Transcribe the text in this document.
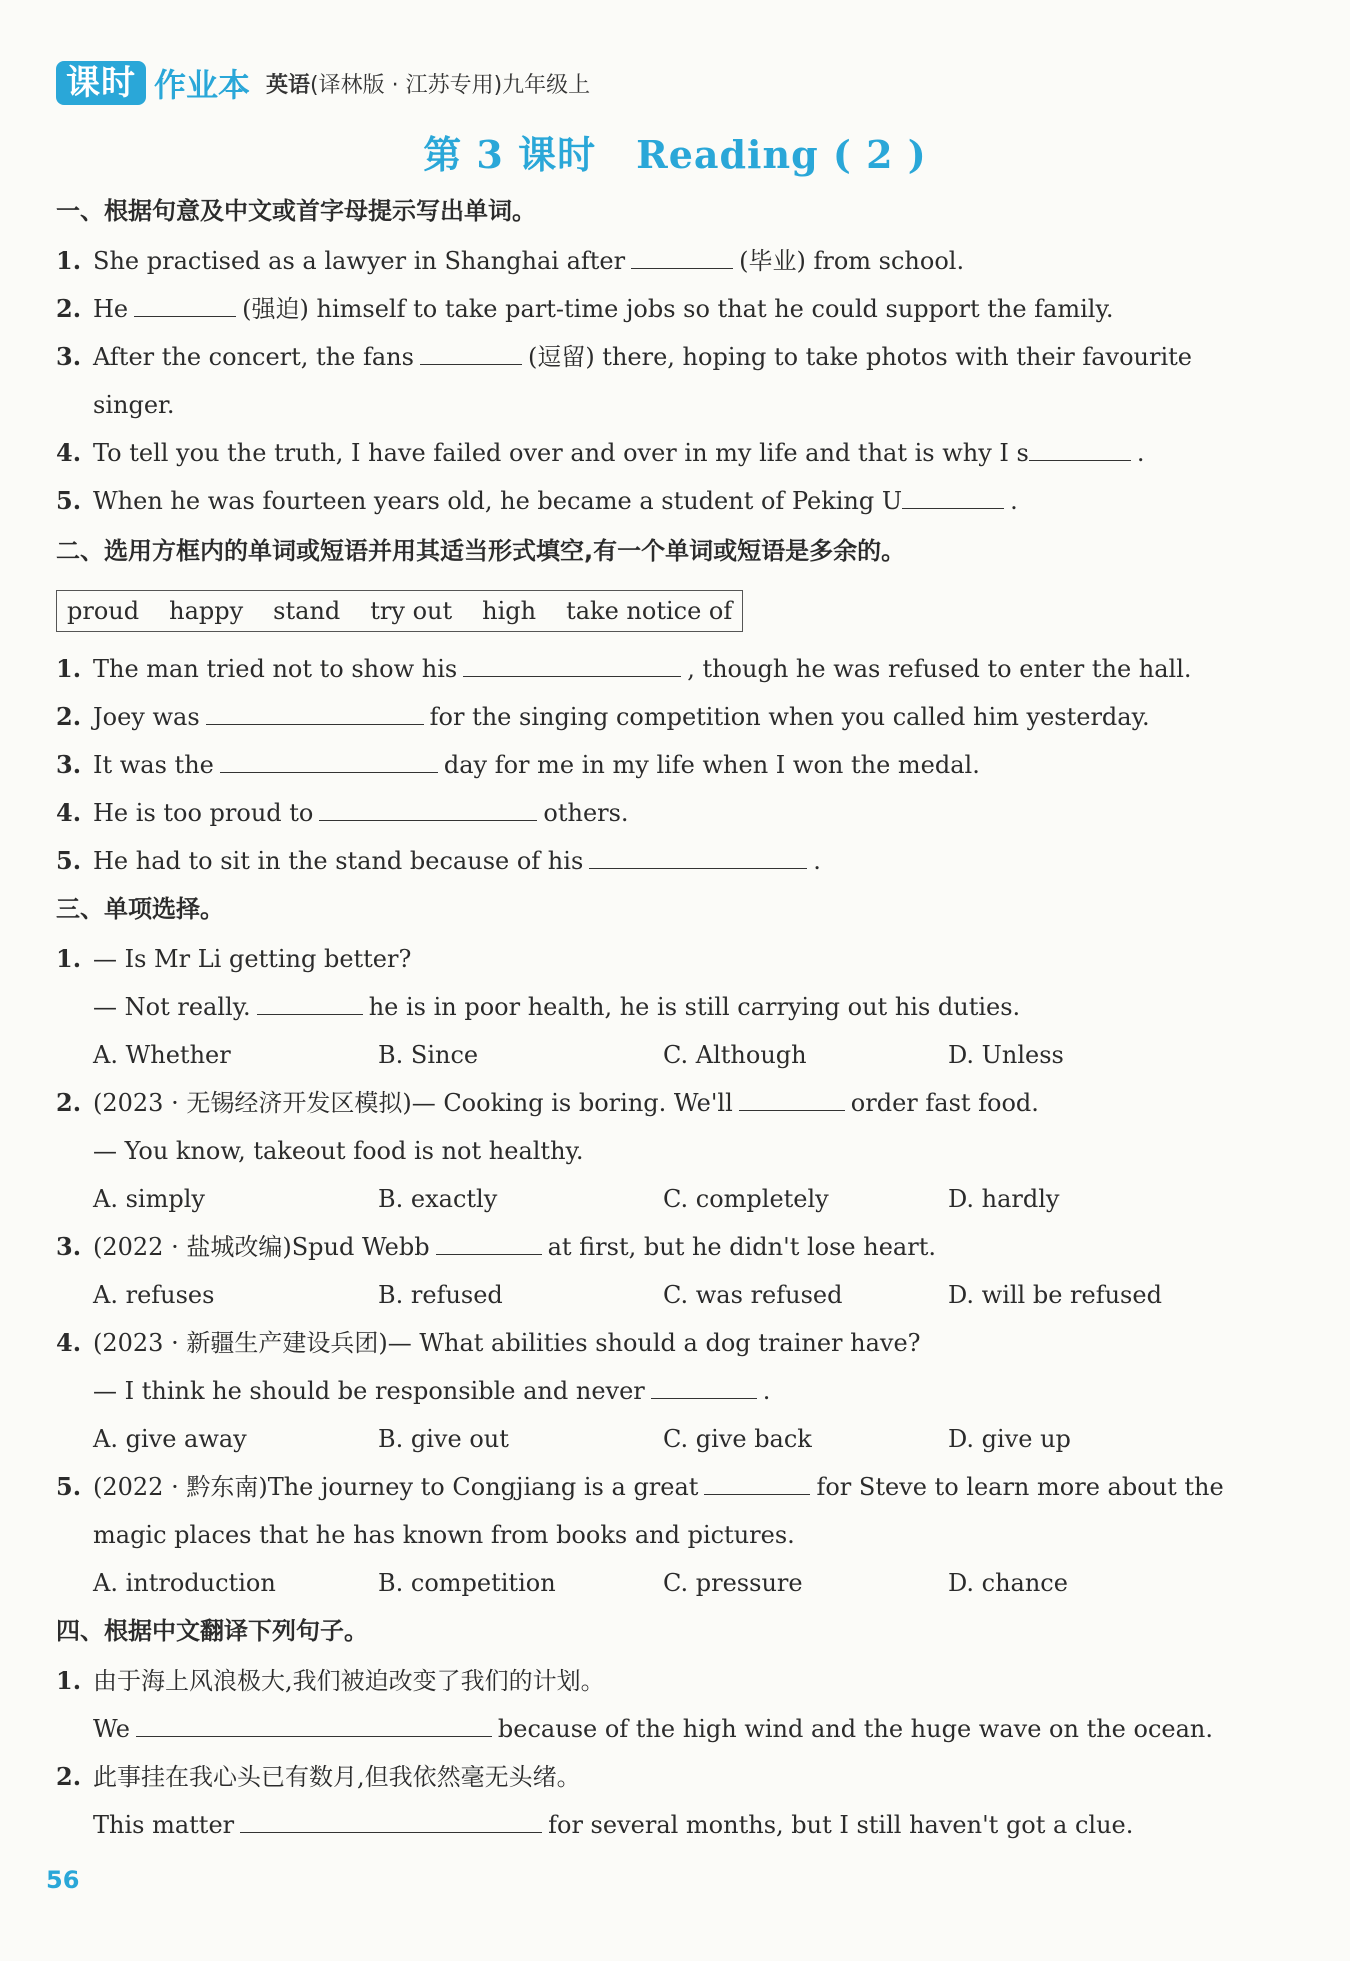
课时 作业本 英语(译林版 · 江苏专用)九年级上
第 3 课时 Reading ( 2 )
一、根据句意及中文或首字母提示写出单词。
1. She practised as a lawyer in Shanghai after	(毕业) from school.
2. He	(强迫) himself to take part-time jobs so that he could support the family.
3. After the concert, the fans	(逗留) there, hoping to take photos with their favourite
singer.
4. To tell you the truth, I have failed over and over in my life and that is why I s	.
5. When he was fourteen years old, he became a student of Peking U	.
二、选用方框内的单词或短语并用其适当形式填空,有一个单词或短语是多余的。
proud happy stand try out high take notice of
1. The man tried not to show his	, though he was refused to enter the hall.
2. Joey was	for the singing competition when you called him yesterday.
3. It was the	day for me in my life when I won the medal.
4. He is too proud to	others.
5. He had to sit in the stand because of his	.
三、单项选择。
1. — Is Mr Li getting better?
— Not really.	he is in poor health, he is still carrying out his duties.
A. Whether	B. Since	C. Although	D. Unless
2. (2023 · 无锡经济开发区模拟)— Cooking is boring. We'll	order fast food.
— You know, takeout food is not healthy.
A. simply	B. exactly	C. completely	D. hardly
3. (2022 · 盐城改编)Spud Webb	at first, but he didn't lose heart.
A. refuses	B. refused	C. was refused	D. will be refused
4. (2023 · 新疆生产建设兵团)— What abilities should a dog trainer have?
— I think he should be responsible and never	.
A. give away	B. give out	C. give back	D. give up
5. (2022 · 黔东南)The journey to Congjiang is a great	for Steve to learn more about the
magic places that he has known from books and pictures.
A. introduction	B. competition	C. pressure	D. chance
四、根据中文翻译下列句子。
1. 由于海上风浪极大,我们被迫改变了我们的计划。
We	because of the high wind and the huge wave on the ocean.
2. 此事挂在我心头已有数月,但我依然毫无头绪。
This matter	for several months, but I still haven't got a clue.
56
